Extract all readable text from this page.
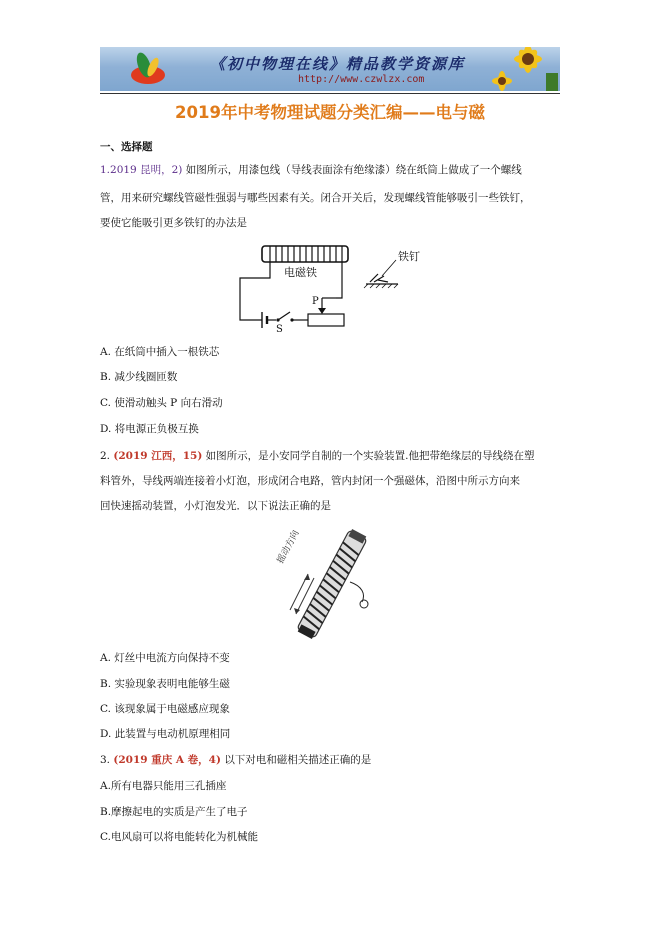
《初中物理在线》精品教学资源库
http://www.czwlzx.com
2019年中考物理试题分类汇编——电与磁
一、选择题
1.2019 昆明，2) 如图所示，用漆包线（导线表面涂有绝缘漆）绕在纸筒上做成了一个螺线
管，用来研究螺线管磁性强弱与哪些因素有关。闭合开关后，发现螺线管能够吸引一些铁钉，
要使它能吸引更多铁钉的办法是
电磁铁
铁钉
P
S
A. 在纸筒中插入一根铁芯
B. 减少线圈匝数
C. 使滑动触头 P 向右滑动
D. 将电源正负极互换
2. (2019 江西，15) 如图所示，是小安同学自制的一个实验装置.他把带绝缘层的导线绕在塑
料管外，导线两端连接着小灯泡，形成闭合电路，管内封闭一个强磁体，沿图中所示方向来
回快速摇动装置，小灯泡发光．以下说法正确的是
摇动方向
A. 灯丝中电流方向保持不变
B. 实验现象表明电能够生磁
C. 该现象属于电磁感应现象
D. 此装置与电动机原理相同
3. (2019 重庆 A 卷，4) 以下对电和磁相关描述正确的是
A.所有电器只能用三孔插座
B.摩擦起电的实质是产生了电子
C.电风扇可以将电能转化为机械能
